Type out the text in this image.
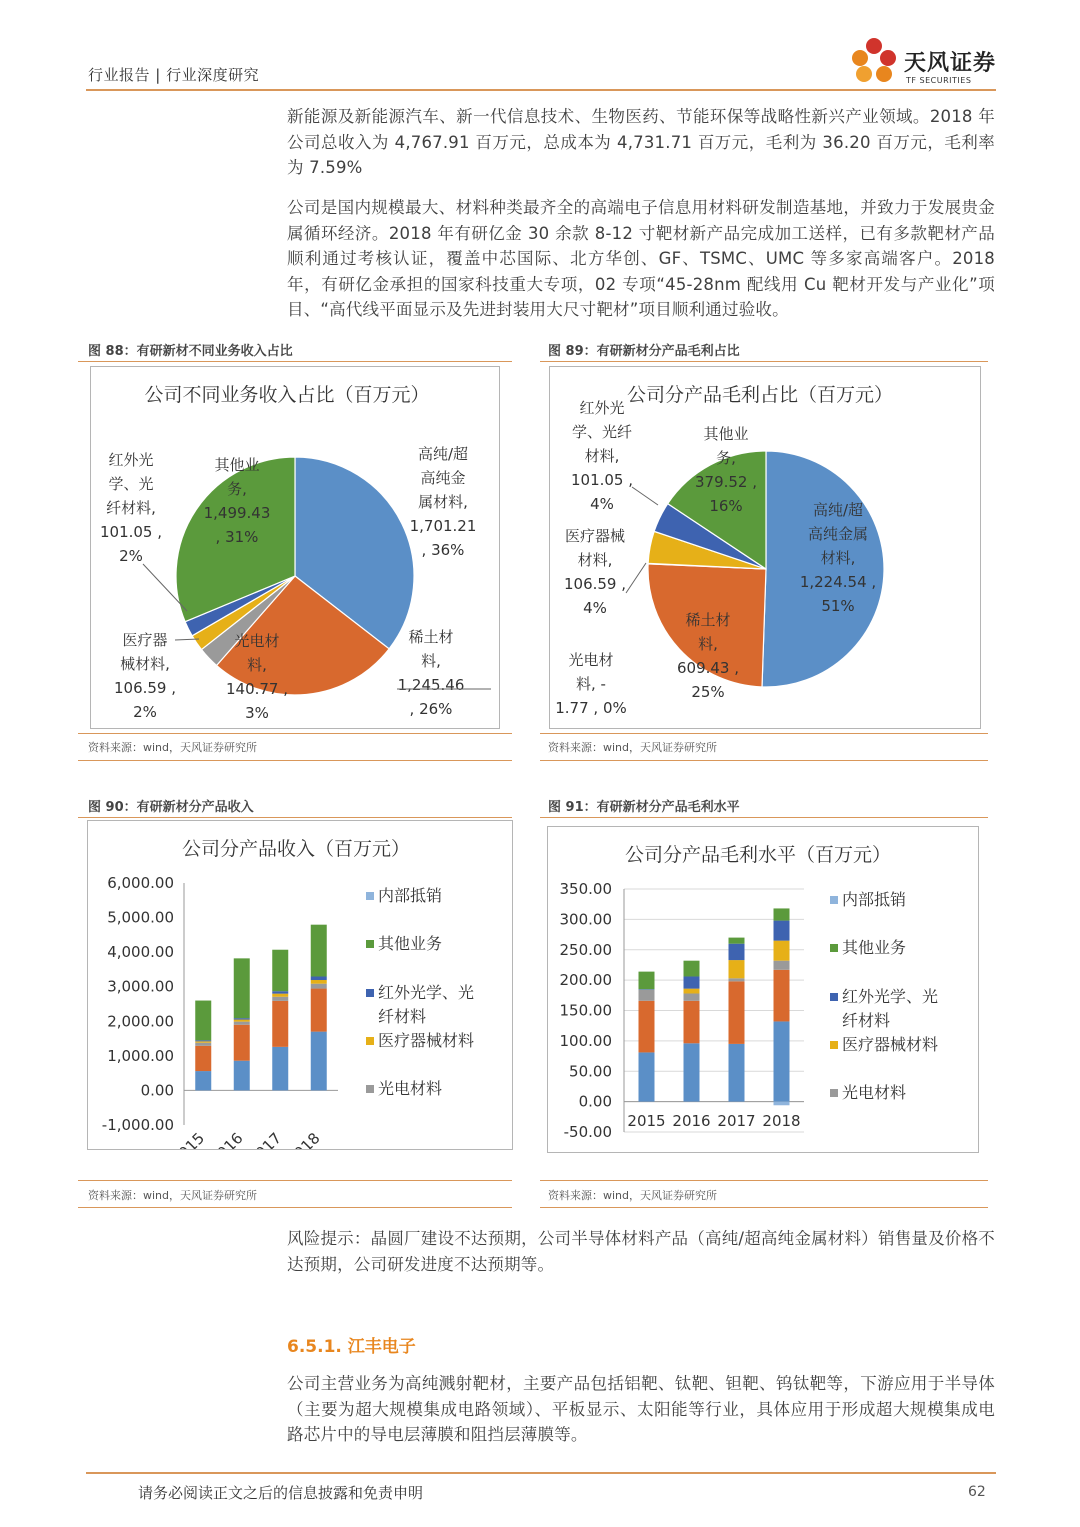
行业报告 | 行业深度研究	天风证券
TF SECURITIES
新能源及新能源汽车、新一代信息技术、生物医药、节能环保等战略性新兴产业领域。2018 年公司总收入为 4,767.91 百万元，总成本为 4,731.71 百万元，毛利为 36.20 百万元，毛利率为 7.59%
公司是国内规模最大、材料种类最齐全的高端电子信息用材料研发制造基地，并致力于发展贵金属循环经济。2018 年有研亿金 30 余款 8-12 寸靶材新产品完成加工送样，已有多款靶材产品顺利通过考核认证，覆盖中芯国际、北方华创、GF、TSMC、UMC 等多家高端客户。2018 年，有研亿金承担的国家科技重大专项，02 专项“45-28nm 配线用 Cu 靶材开发与产业化”项目、“高代线平面显示及先进封装用大尺寸靶材”项目顺利通过验收。
图 88：有研新材不同业务收入占比
公司不同业务收入占比（百万元）
高纯/超高纯金属材料, 1,701.21 , 36%
稀土材料, 1,245.46 , 26%
光电材料, 140.77 , 3%
医疗器械材料, 106.59 , 2%
红外光学、光纤材料, 101.05 , 2%
其他业务, 1,499.43 , 31%
资料来源：wind，天风证券研究所
图 89：有研新材分产品毛利占比
公司分产品毛利占比（百万元）
高纯/超高纯金属材料, 1,224.54 , 51%
稀土材料, 609.43 , 25%
光电材料, -1.77 , 0%
医疗器械材料, 106.59 , 4%
红外光学、光纤材料, 101.05 , 4%
其他业务, 379.52 , 16%
资料来源：wind，天风证券研究所
图 90：有研新材分产品收入
公司分产品收入（百万元）
6,000.00
5,000.00
4,000.00
3,000.00
2,000.00
1,000.00
0.00
-1,000.00
2015
2016
2017
2018
内部抵销
其他业务
红外光学、光纤材料
医疗器械材料
光电材料
资料来源：wind，天风证券研究所
图 91：有研新材分产品毛利水平
公司分产品毛利水平（百万元）
350.00
300.00
250.00
200.00
150.00
100.00
50.00
0.00
-50.00
2015 2016 2017 2018
内部抵销
其他业务
红外光学、光纤材料
医疗器械材料
光电材料
资料来源：wind，天风证券研究所
风险提示：晶圆厂建设不达预期，公司半导体材料产品（高纯/超高纯金属材料）销售量及价格不达预期，公司研发进度不达预期等。
6.5.1. 江丰电子
公司主营业务为高纯溅射靶材，主要产品包括铝靶、钛靶、钽靶、钨钛靶等，下游应用于半导体（主要为超大规模集成电路领域）、平板显示、太阳能等行业，具体应用于形成超大规模集成电路芯片中的导电层薄膜和阻挡层薄膜等。
请务必阅读正文之后的信息披露和免责申明	62
